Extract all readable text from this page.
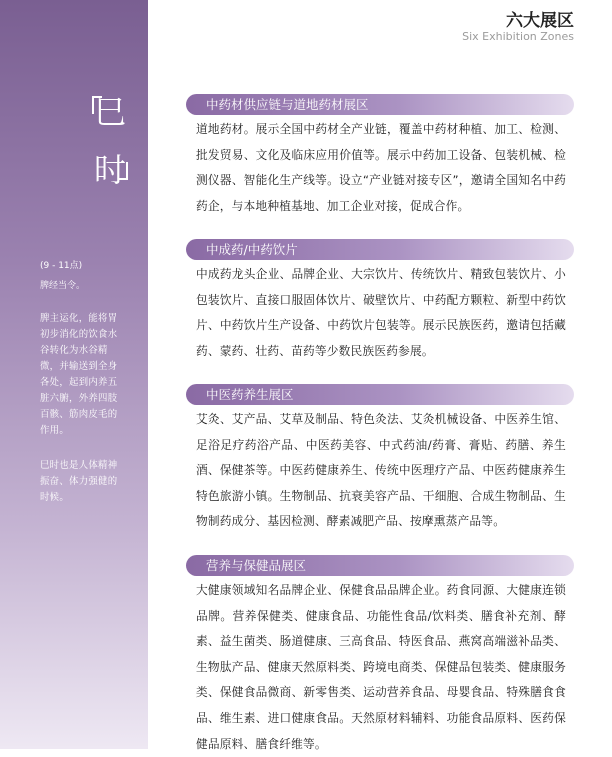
巳
时
(9 - 11点)
脾经当令。
脾主运化，能将胃初步消化的饮食水谷转化为水谷精微，并输送到全身各处，起到内养五脏六腑，外养四肢百骸、筋肉皮毛的作用。
巳时也是人体精神振奋、体力强健的时候。
六大展区
Six Exhibition Zones
中药材供应链与道地药材展区
道地药材。展示全国中药材全产业链，覆盖中药材种植、加工、检测、批发贸易、文化及临床应用价值等。展示中药加工设备、包装机械、检测仪器、智能化生产线等。设立“产业链对接专区”，邀请全国知名中药药企，与本地种植基地、加工企业对接，促成合作。
中成药/中药饮片
中成药龙头企业、品牌企业、大宗饮片、传统饮片、精致包装饮片、小包装饮片、直接口服固体饮片、破壁饮片、中药配方颗粒、新型中药饮片、中药饮片生产设备、中药饮片包装等。展示民族医药，邀请包括藏药、蒙药、壮药、苗药等少数民族医药参展。
中医药养生展区
艾灸、艾产品、艾草及制品、特色灸法、艾灸机械设备、中医养生馆、足浴足疗药浴产品、中医药美容、中式药油/药膏、膏贴、药膳、养生酒、保健茶等。中医药健康养生、传统中医理疗产品、中医药健康养生特色旅游小镇。生物制品、抗衰美容产品、干细胞、合成生物制品、生物制药成分、基因检测、酵素减肥产品、按摩熏蒸产品等。
营养与保健品展区
大健康领域知名品牌企业、保健食品品牌企业。药食同源、大健康连锁品牌。营养保健类、健康食品、功能性食品/饮料类、膳食补充剂、酵素、益生菌类、肠道健康、三高食品、特医食品、燕窝高端滋补品类、生物肽产品、健康天然原料类、跨境电商类、保健品包装类、健康服务类、保健食品微商、新零售类、运动营养食品、母婴食品、特殊膳食食品、维生素、进口健康食品。天然原材料辅料、功能食品原料、医药保健品原料、膳食纤维等。
